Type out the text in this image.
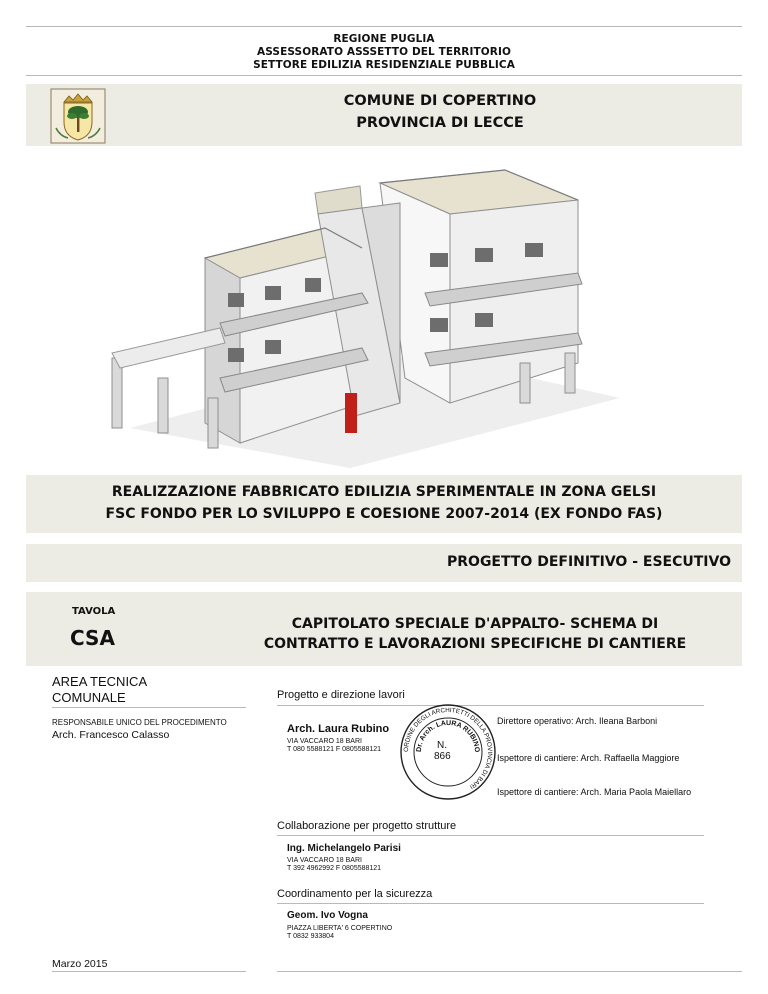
REGIONE PUGLIA
ASSESSORATO ASSSETTO DEL TERRITORIO
SETTORE EDILIZIA RESIDENZIALE PUBBLICA
COMUNE DI COPERTINO
PROVINCIA DI LECCE
REALIZZAZIONE FABBRICATO EDILIZIA SPERIMENTALE IN ZONA GELSI
FSC FONDO PER LO SVILUPPO E COESIONE 2007-2014 (EX FONDO FAS)
PROGETTO DEFINITIVO - ESECUTIVO
TAVOLA
CSA
CAPITOLATO SPECIALE D'APPALTO- SCHEMA DI
CONTRATTO E LAVORAZIONI SPECIFICHE DI CANTIERE
AREA TECNICA
COMUNALE
RESPONSABILE UNICO DEL PROCEDIMENTO
Arch. Francesco Calasso
Marzo 2015
Progetto e direzione lavori
Arch. Laura Rubino
VIA VACCARO 18 BARI
T 080 5588121 F 0805588121	ORDINE DEGLI ARCHITETTI DELLA PROVINCIA DI BARI
Dr. Arch. LAURA RUBINO
N.
866
Direttore operativo: Arch. Ileana Barboni
Ispettore di cantiere: Arch. Raffaella Maggiore
Ispettore di cantiere: Arch. Maria Paola Maiellaro
Collaborazione per progetto strutture
Ing. Michelangelo Parisi
VIA VACCARO 18 BARI
T 392 4962992 F 0805588121
Coordinamento per la sicurezza
Geom. Ivo Vogna
PIAZZA LIBERTA' 6 COPERTINO
T 0832 933804
